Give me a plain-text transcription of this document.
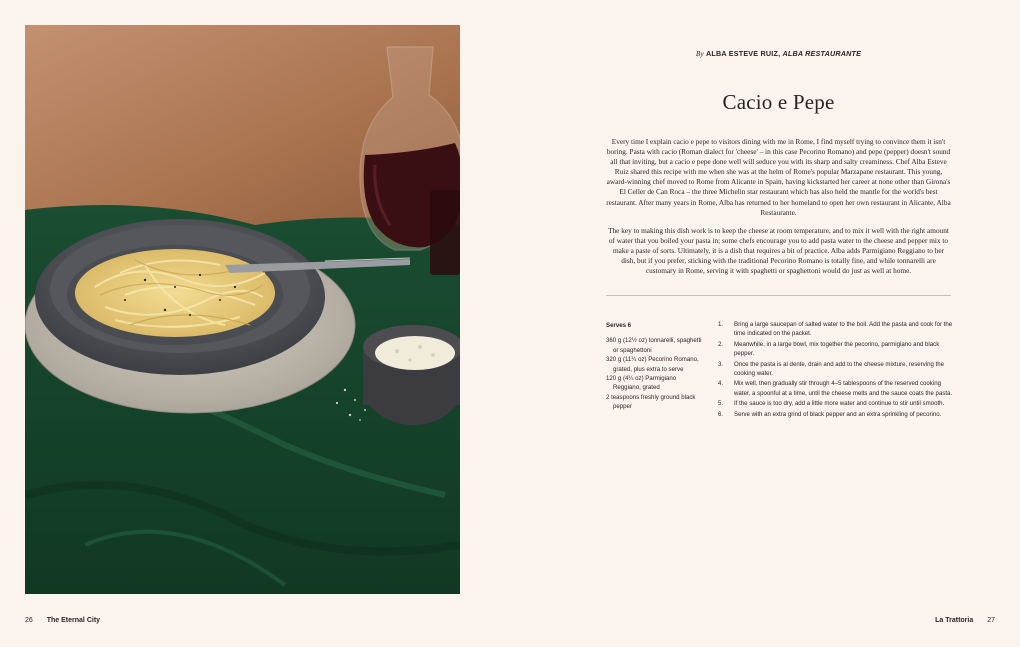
By ALBA ESTEVE RUIZ, ALBA RESTAURANTE
Cacio e Pepe

Every time I explain cacio e pepe to visitors dining with me in Rome, I find myself trying to convince them it isn't boring. Pasta with cacio (Roman dialect for 'cheese' – in this case Pecorino Romano) and pepe (pepper) doesn't sound all that inviting, but a cacio e pepe done well will seduce you with its sharp and salty creaminess. Chef Alba Esteve Ruiz shared this recipe with me when she was at the helm of Rome's popular Marzapane restaurant. This young, award-winning chef moved to Rome from Alicante in Spain, having kickstarted her career at none other than Girona's El Celler de Can Roca – the three Michelin star restaurant which has also held the mantle for the world's best restaurant. After many years in Rome, Alba has returned to her homeland to open her own restaurant in Alicante, Alba Restaurante.

The key to making this dish work is to keep the cheese at room temperature, and to mix it well with the right amount of water that you boiled your pasta in; some chefs encourage you to add pasta water to the cheese and pepper mix to make a paste of sorts. Ultimately, it is a dish that requires a bit of practice. Alba adds Parmigiano Reggiano to her dish, but if you prefer, sticking with the traditional Pecorino Romano is totally fine, and while tonnarelli are customary in Rome, serving it with spaghetti or spaghettoni would do just as well at home.

Serves 6
360 g (12½ oz) tonnarelli, spaghetti or spaghettoni
320 g (11¼ oz) Pecorino Romano, grated, plus extra to serve
120 g (4¼ oz) Parmigiano Reggiano, grated
2 teaspoons freshly ground black pepper
1.	Bring a large saucepan of salted water to the boil. Add the pasta and cook for the time indicated on the packet.
2.	Meanwhile, in a large bowl, mix together the pecorino, parmigiano and black pepper.
3.	Once the pasta is al dente, drain and add to the cheese mixture, reserving the cooking water.
4.	Mix well, then gradually stir through 4–5 tablespoons of the reserved cooking water, a spoonful at a time, until the cheese melts and the sauce coats the pasta.
5.	If the sauce is too dry, add a little more water and continue to stir until smooth.
6.	Serve with an extra grind of black pepper and an extra sprinkling of pecorino.
26 The Eternal City	La Trattoria 27
